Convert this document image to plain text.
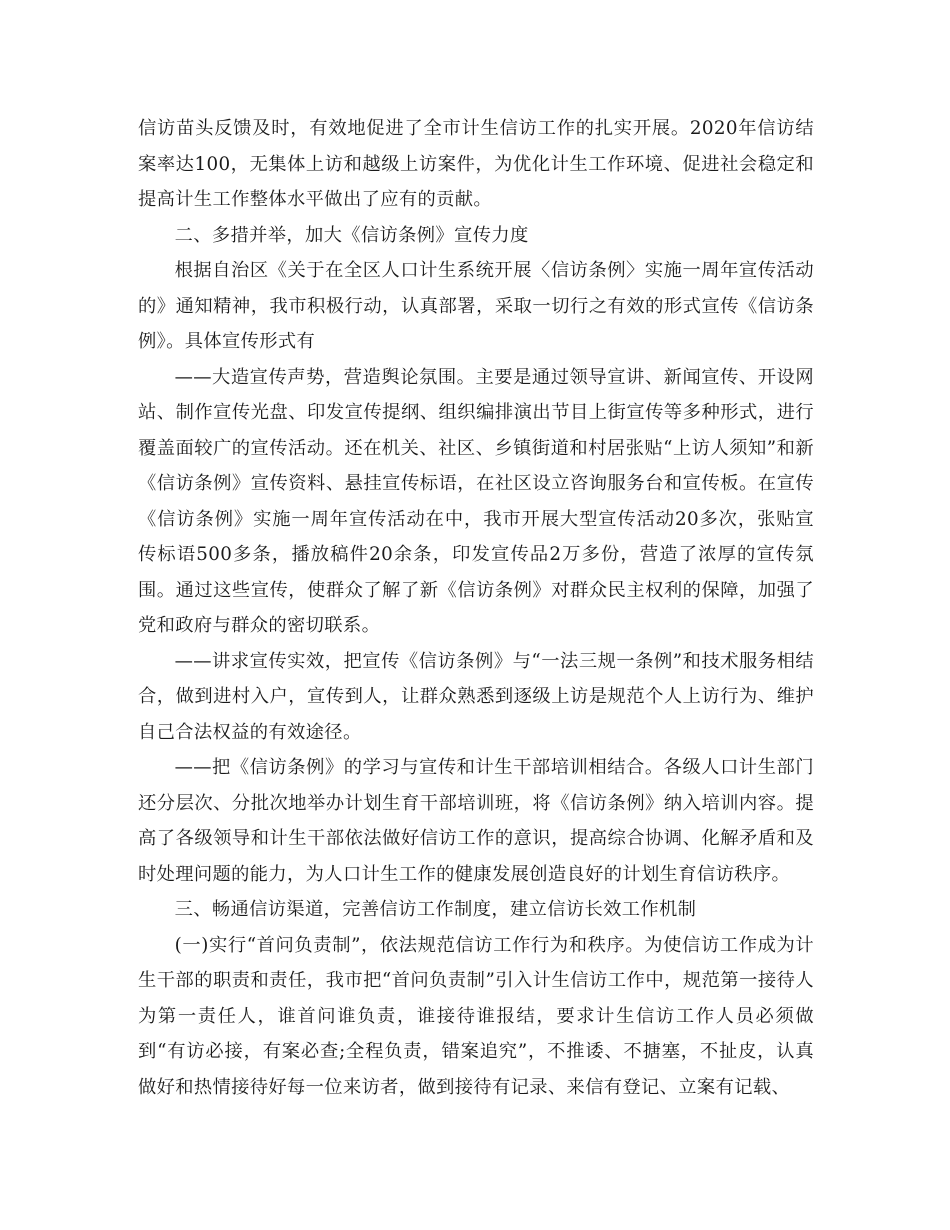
信访苗头反馈及时，有效地促进了全市计生信访工作的扎实开展。2020年信访结案率达100，无集体上访和越级上访案件，为优化计生工作环境、促进社会稳定和提高计生工作整体水平做出了应有的贡献。

二、多措并举，加大《信访条例》宣传力度

根据自治区《关于在全区人口计生系统开展〈信访条例〉实施一周年宣传活动的》通知精神，我市积极行动，认真部署，采取一切行之有效的形式宣传《信访条例》。具体宣传形式有

——大造宣传声势，营造舆论氛围。主要是通过领导宣讲、新闻宣传、开设网站、制作宣传光盘、印发宣传提纲、组织编排演出节目上街宣传等多种形式，进行覆盖面较广的宣传活动。还在机关、社区、乡镇街道和村居张贴“上访人须知”和新《信访条例》宣传资料、悬挂宣传标语，在社区设立咨询服务台和宣传板。在宣传《信访条例》实施一周年宣传活动在中，我市开展大型宣传活动20多次，张贴宣传标语500多条，播放稿件20余条，印发宣传品2万多份，营造了浓厚的宣传氛围。通过这些宣传，使群众了解了新《信访条例》对群众民主权利的保障，加强了党和政府与群众的密切联系。

——讲求宣传实效，把宣传《信访条例》与“一法三规一条例”和技术服务相结合，做到进村入户，宣传到人，让群众熟悉到逐级上访是规范个人上访行为、维护自己合法权益的有效途径。

——把《信访条例》的学习与宣传和计生干部培训相结合。各级人口计生部门还分层次、分批次地举办计划生育干部培训班，将《信访条例》纳入培训内容。提高了各级领导和计生干部依法做好信访工作的意识，提高综合协调、化解矛盾和及时处理问题的能力，为人口计生工作的健康发展创造良好的计划生育信访秩序。

三、畅通信访渠道，完善信访工作制度，建立信访长效工作机制

(一)实行“首问负责制”，依法规范信访工作行为和秩序。为使信访工作成为计生干部的职责和责任，我市把“首问负责制”引入计生信访工作中，规范第一接待人为第一责任人，谁首问谁负责，谁接待谁报结，要求计生信访工作人员必须做到“有访必接，有案必查;全程负责，错案追究”，不推诿、不搪塞，不扯皮，认真做好和热情接待好每一位来访者，做到接待有记录、来信有登记、立案有记载、
